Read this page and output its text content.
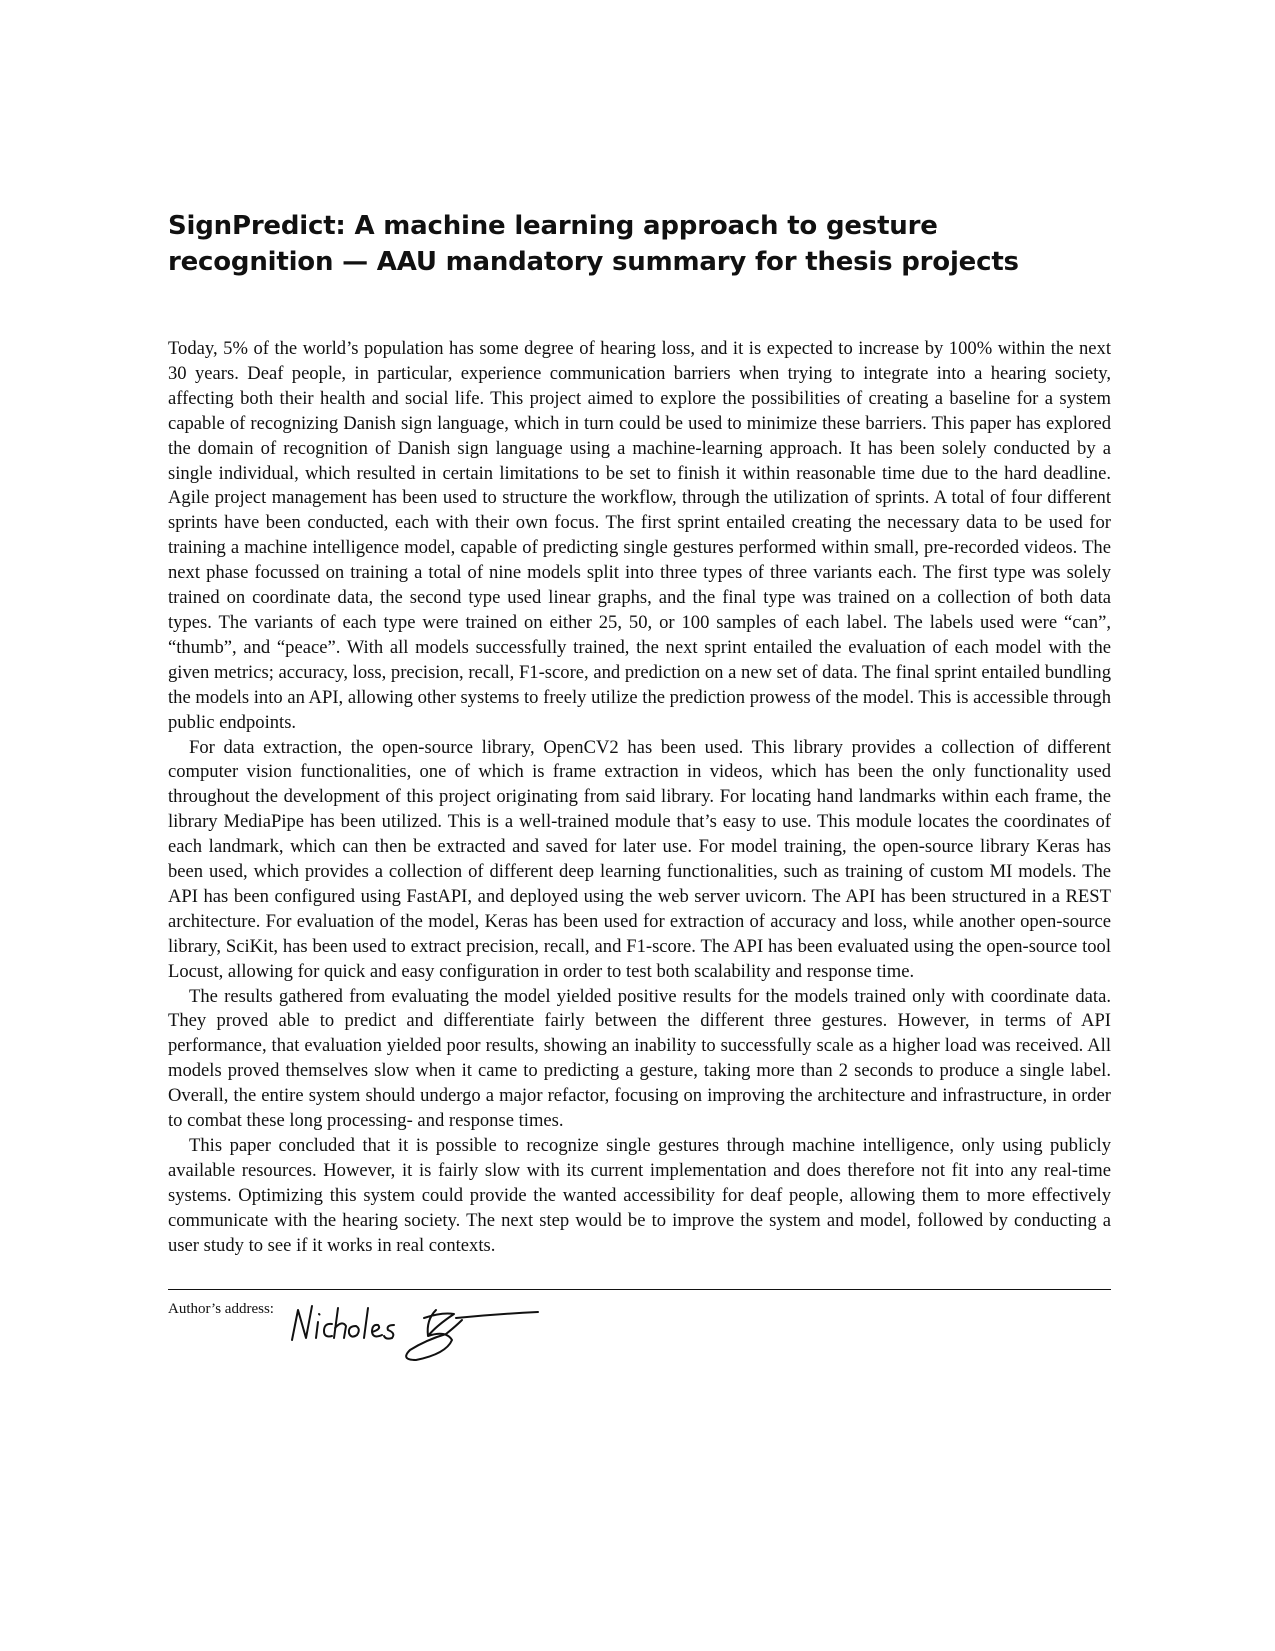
SignPredict: A machine learning approach to gesture recognition — AAU mandatory summary for thesis projects

Today, 5% of the world’s population has some degree of hearing loss, and it is expected to increase by 100% within the next 30 years. Deaf people, in particular, experience communication barriers when trying to integrate into a hearing society, affecting both their health and social life. This project aimed to explore the possibilities of creating a baseline for a system capable of recognizing Danish sign language, which in turn could be used to minimize these barriers. This paper has explored the domain of recognition of Danish sign language using a machine-learning approach. It has been solely conducted by a single individual, which resulted in certain limitations to be set to finish it within reasonable time due to the hard deadline. Agile project management has been used to structure the workflow, through the utilization of sprints. A total of four different sprints have been conducted, each with their own focus. The first sprint entailed creating the necessary data to be used for training a machine intelligence model, capable of predicting single gestures performed within small, pre-recorded videos. The next phase focussed on training a total of nine models split into three types of three variants each. The first type was solely trained on coordinate data, the second type used linear graphs, and the final type was trained on a collection of both data types. The variants of each type were trained on either 25, 50, or 100 samples of each label. The labels used were “can”, “thumb”, and “peace”. With all models successfully trained, the next sprint entailed the evaluation of each model with the given metrics; accuracy, loss, precision, recall, F1-score, and prediction on a new set of data. The final sprint entailed bundling the models into an API, allowing other systems to freely utilize the prediction prowess of the model. This is accessible through public endpoints.

For data extraction, the open-source library, OpenCV2 has been used. This library provides a collection of different computer vision functionalities, one of which is frame extraction in videos, which has been the only functionality used throughout the development of this project originating from said library. For locating hand landmarks within each frame, the library MediaPipe has been utilized. This is a well-trained module that’s easy to use. This module locates the coordinates of each landmark, which can then be extracted and saved for later use. For model training, the open-source library Keras has been used, which provides a collection of different deep learning functionalities, such as training of custom MI models. The API has been configured using FastAPI, and deployed using the web server uvicorn. The API has been structured in a REST architecture. For evaluation of the model, Keras has been used for extraction of accuracy and loss, while another open-source library, SciKit, has been used to extract precision, recall, and F1-score. The API has been evaluated using the open-source tool Locust, allowing for quick and easy configuration in order to test both scalability and response time.

The results gathered from evaluating the model yielded positive results for the models trained only with coordinate data. They proved able to predict and differentiate fairly between the different three gestures. However, in terms of API performance, that evaluation yielded poor results, showing an inability to successfully scale as a higher load was received. All models proved themselves slow when it came to predicting a gesture, taking more than 2 seconds to produce a single label. Overall, the entire system should undergo a major refactor, focusing on improving the architecture and infrastructure, in order to combat these long processing- and response times.

This paper concluded that it is possible to recognize single gestures through machine intelligence, only using publicly available resources. However, it is fairly slow with its current implementation and does therefore not fit into any real-time systems. Optimizing this system could provide the wanted accessibility for deaf people, allowing them to more effectively communicate with the hearing society. The next step would be to improve the system and model, followed by conducting a user study to see if it works in real contexts.

Author’s address:
